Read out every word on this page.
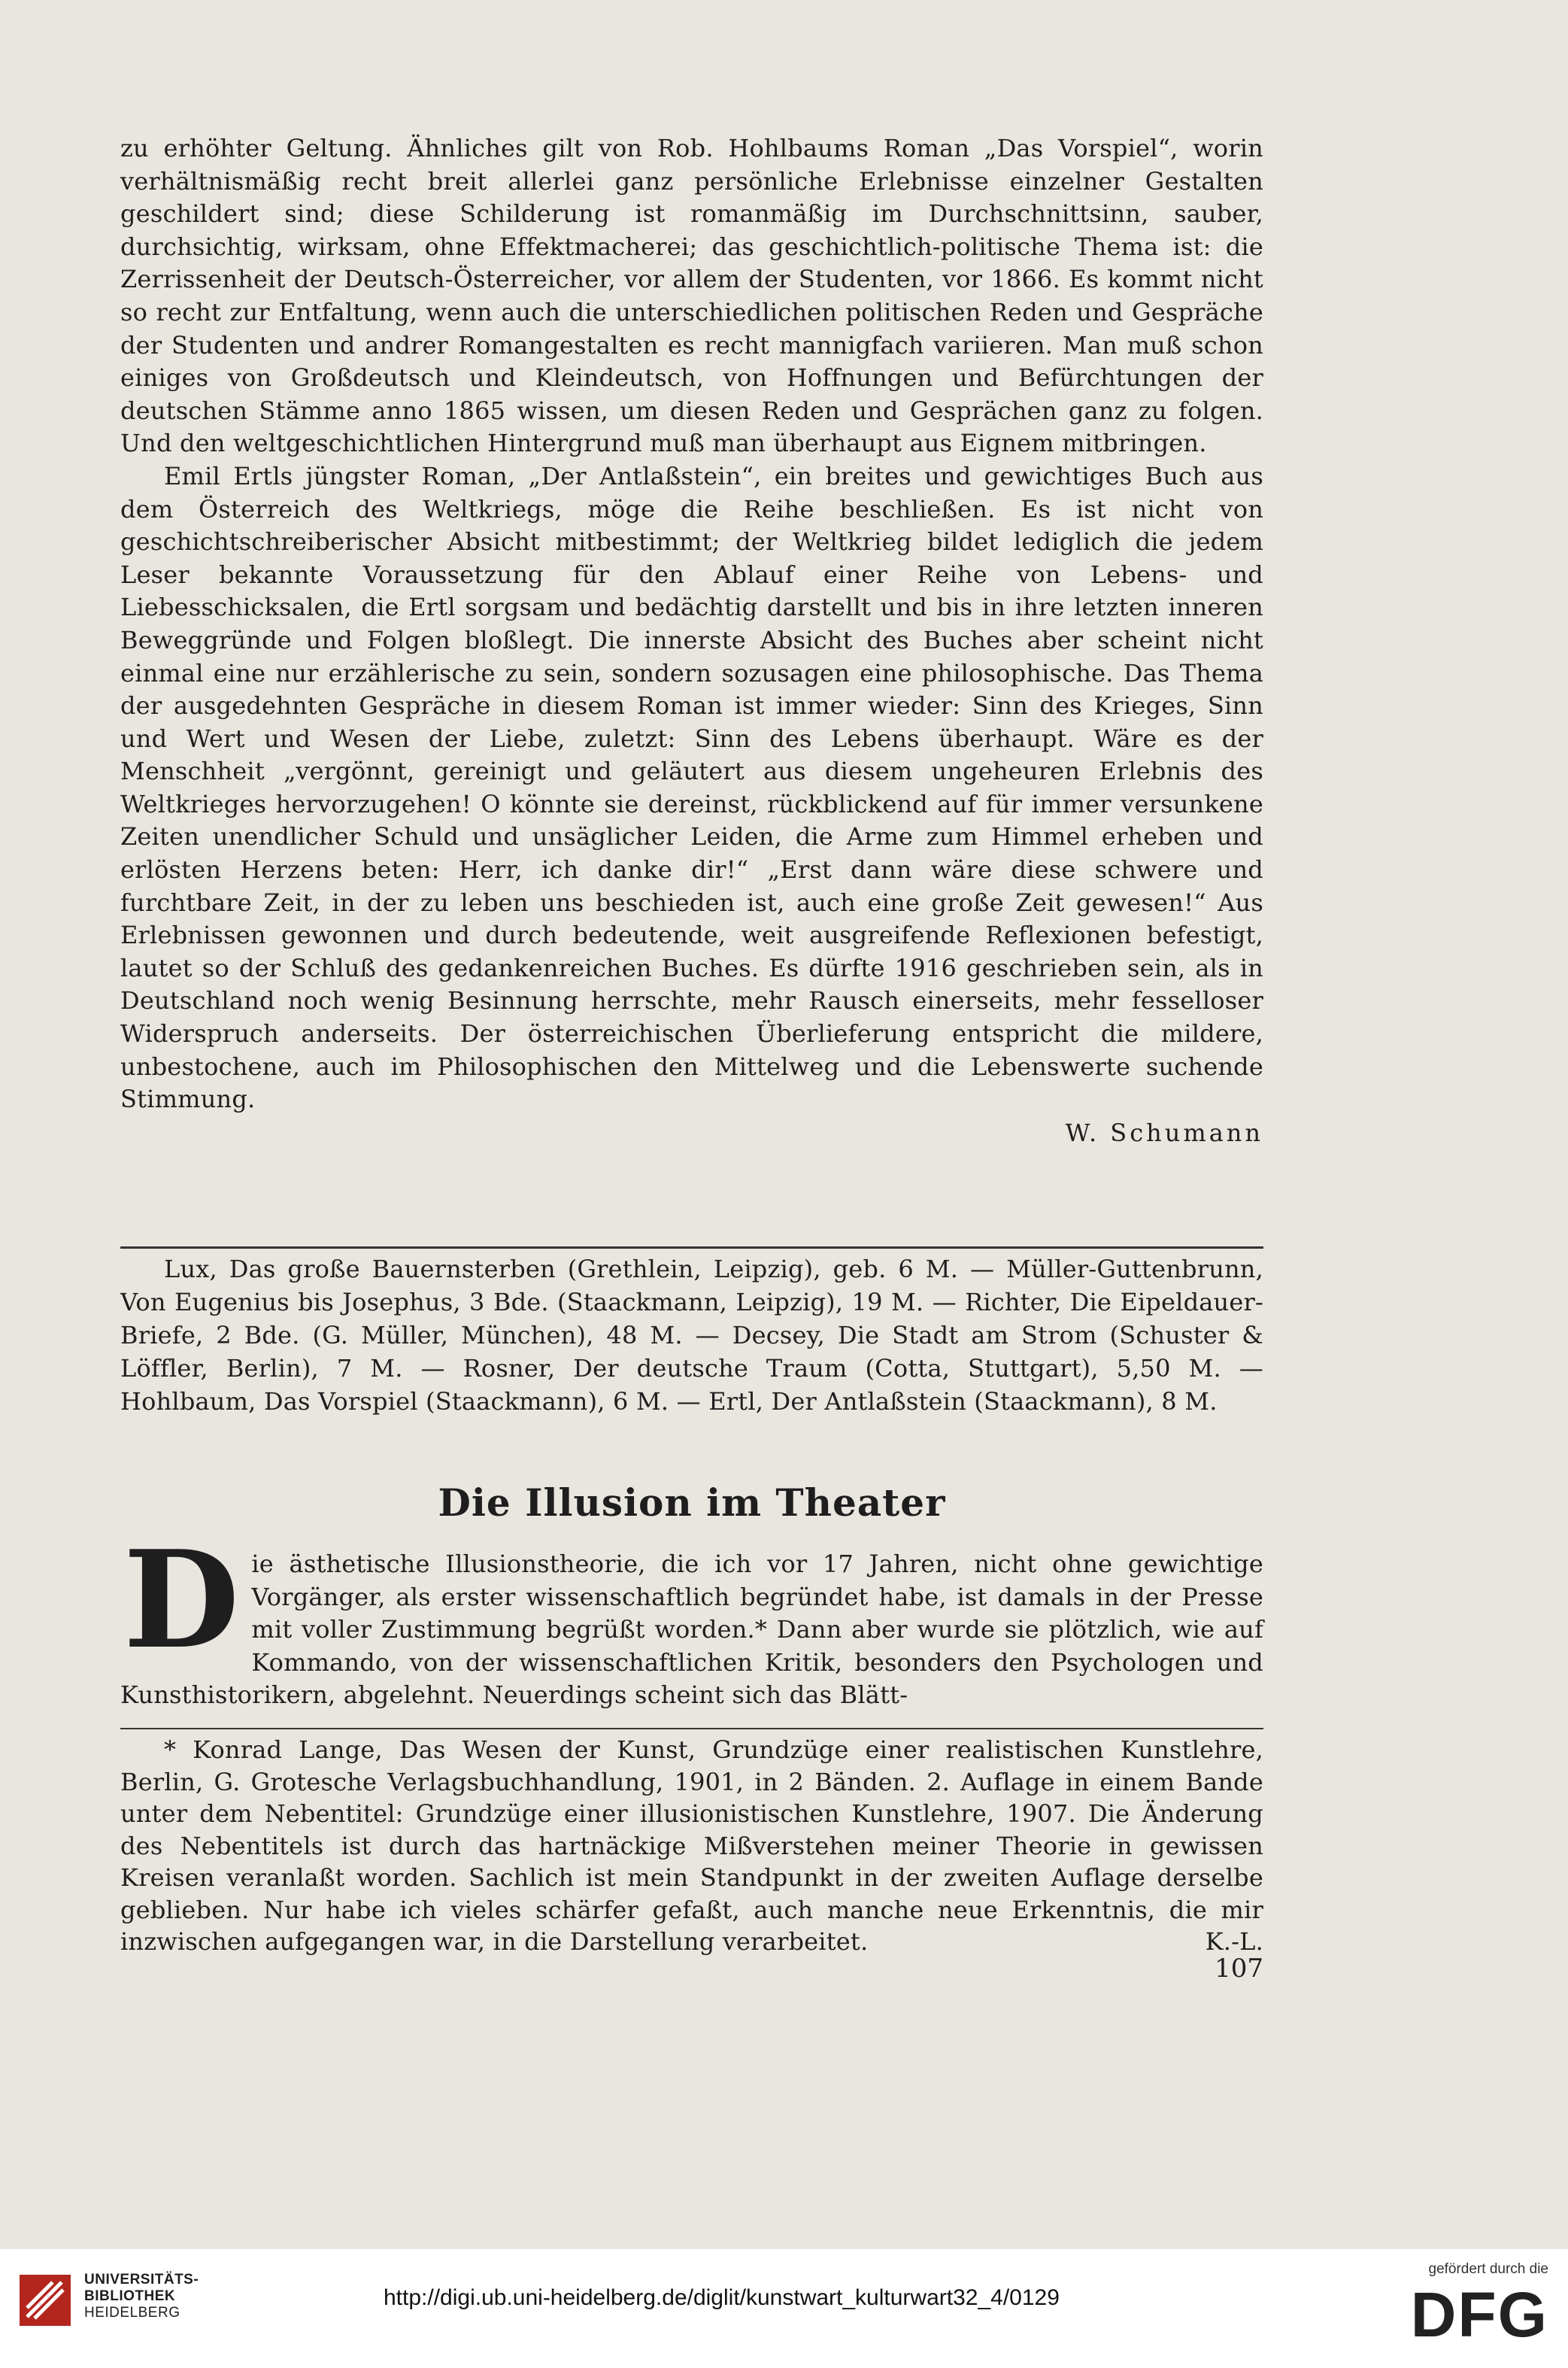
zu erhöhter Geltung. Ähnliches gilt von Rob. Hohlbaums Roman „Das Vorspiel“, worin verhältnismäßig recht breit allerlei ganz persönliche Erlebnisse einzelner Gestalten geschildert sind; diese Schilderung ist romanmäßig im Durchschnittsinn, sauber, durchsichtig, wirksam, ohne Effektmacherei; das geschichtlich-politische Thema ist: die Zerrissenheit der Deutsch-Österreicher, vor allem der Studenten, vor 1866. Es kommt nicht so recht zur Entfaltung, wenn auch die unterschiedlichen politischen Reden und Gespräche der Studenten und andrer Romangestalten es recht mannigfach variieren. Man muß schon einiges von Großdeutsch und Kleindeutsch, von Hoffnungen und Befürchtungen der deutschen Stämme anno 1865 wissen, um diesen Reden und Gesprächen ganz zu folgen. Und den weltgeschichtlichen Hintergrund muß man überhaupt aus Eignem mitbringen.

Emil Ertls jüngster Roman, „Der Antlaßstein“, ein breites und gewichtiges Buch aus dem Österreich des Weltkriegs, möge die Reihe beschließen. Es ist nicht von geschichtschreiberischer Absicht mitbestimmt; der Weltkrieg bildet lediglich die jedem Leser bekannte Voraussetzung für den Ablauf einer Reihe von Lebens- und Liebesschicksalen, die Ertl sorgsam und bedächtig darstellt und bis in ihre letzten inneren Beweggründe und Folgen bloßlegt. Die innerste Absicht des Buches aber scheint nicht einmal eine nur erzählerische zu sein, sondern sozusagen eine philosophische. Das Thema der ausgedehnten Gespräche in diesem Roman ist immer wieder: Sinn des Krieges, Sinn und Wert und Wesen der Liebe, zuletzt: Sinn des Lebens überhaupt. Wäre es der Menschheit „vergönnt, gereinigt und geläutert aus diesem ungeheuren Erlebnis des Weltkrieges hervorzugehen! O könnte sie dereinst, rückblickend auf für immer versunkene Zeiten unendlicher Schuld und unsäglicher Leiden, die Arme zum Himmel erheben und erlösten Herzens beten: Herr, ich danke dir!“ „Erst dann wäre diese schwere und furchtbare Zeit, in der zu leben uns beschieden ist, auch eine große Zeit gewesen!“ Aus Erlebnissen gewonnen und durch bedeutende, weit ausgreifende Reflexionen befestigt, lautet so der Schluß des gedankenreichen Buches. Es dürfte 1916 geschrieben sein, als in Deutschland noch wenig Besinnung herrschte, mehr Rausch einerseits, mehr fesselloser Widerspruch anderseits. Der österreichischen Überlieferung entspricht die mildere, unbestochene, auch im Philosophischen den Mittelweg und die Lebenswerte suchende Stimmung.

W. Schumann

Lux, Das große Bauernsterben (Grethlein, Leipzig), geb. 6 M. — Müller-Guttenbrunn, Von Eugenius bis Josephus, 3 Bde. (Staackmann, Leipzig), 19 M. — Richter, Die Eipeldauer-Briefe, 2 Bde. (G. Müller, München), 48 M. — Decsey, Die Stadt am Strom (Schuster & Löffler, Berlin), 7 M. — Rosner, Der deutsche Traum (Cotta, Stuttgart), 5,50 M. — Hohlbaum, Das Vorspiel (Staackmann), 6 M. — Ertl, Der Antlaßstein (Staackmann), 8 M.

Die Illusion im Theater
D ie ästhetische Illusionstheorie, die ich vor 17 Jahren, nicht ohne gewichtige Vorgänger, als erster wissenschaftlich begründet habe, ist damals in der Presse mit voller Zustimmung begrüßt worden.* Dann aber wurde sie plötzlich, wie auf Kommando, von der wissenschaftlichen Kritik, besonders den Psychologen und Kunsthistorikern, abgelehnt. Neuerdings scheint sich das Blätt-

* Konrad Lange, Das Wesen der Kunst, Grundzüge einer realistischen Kunstlehre, Berlin, G. Grotesche Verlagsbuchhandlung, 1901, in 2 Bänden. 2. Auflage in einem Bande unter dem Nebentitel: Grundzüge einer illusionistischen Kunstlehre, 1907. Die Änderung des Nebentitels ist durch das hartnäckige Mißverstehen meiner Theorie in gewissen Kreisen veranlaßt worden. Sachlich ist mein Standpunkt in der zweiten Auflage derselbe geblieben. Nur habe ich vieles schärfer gefaßt, auch manche neue Erkenntnis, die mir inzwischen aufgegangen war, in die Darstellung verarbeitet.	K.-L.

107
UNIVERSITÄTS-
BIBLIOTHEK
HEIDELBERG
http://digi.ub.uni-heidelberg.de/diglit/kunstwart_kulturwart32_4/0129
gefördert durch die
DFG
